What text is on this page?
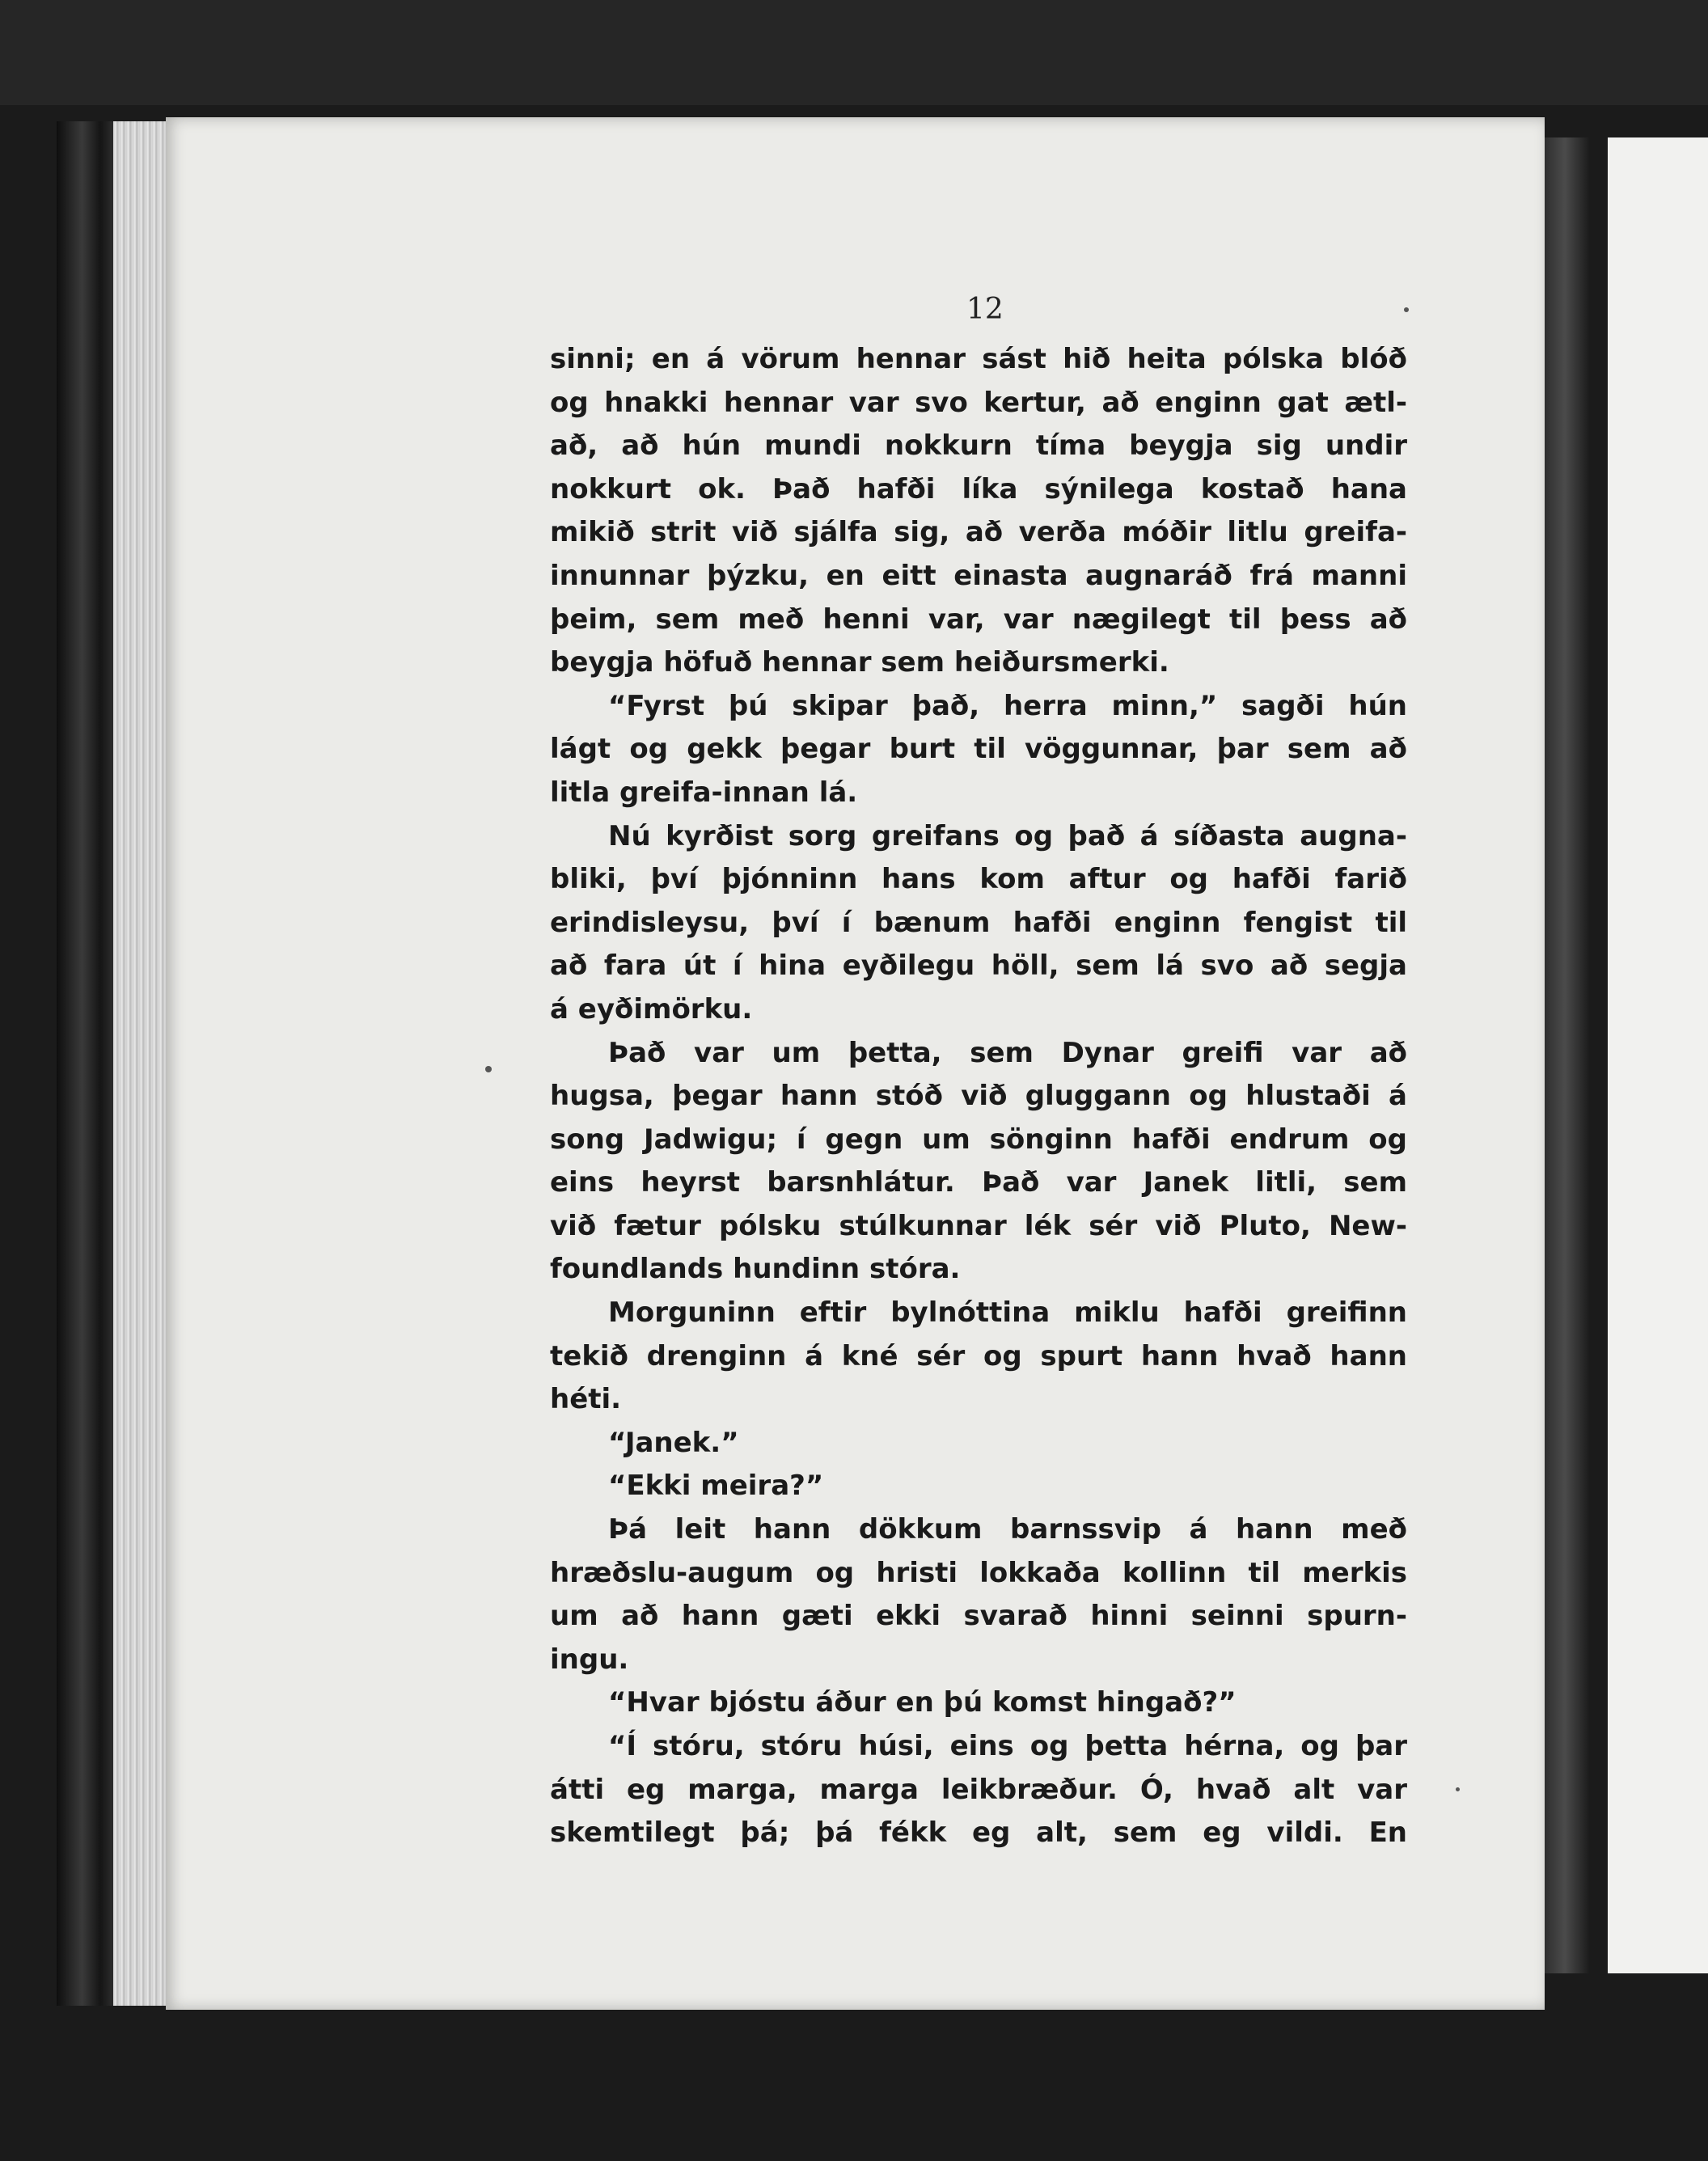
12
sinni; en á vörum hennar sást hið heita pólska blóð
og hnakki hennar var svo kertur, að enginn gat ætl-
að, að hún mundi nokkurn tíma beygja sig undir
nokkurt ok. Það hafði líka sýnilega kostað hana
mikið strit við sjálfa sig, að verða móðir litlu greifa-
innunnar þýzku, en eitt einasta augnaráð frá manni
þeim, sem með henni var, var nægilegt til þess að
beygja höfuð hennar sem heiðursmerki.
“Fyrst þú skipar það, herra minn,” sagði hún
lágt og gekk þegar burt til vöggunnar, þar sem að
litla greifa-innan lá.
Nú kyrðist sorg greifans og það á síðasta augna-
bliki, því þjónninn hans kom aftur og hafði farið
erindisleysu, því í bænum hafði enginn fengist til
að fara út í hina eyðilegu höll, sem lá svo að segja
á eyðimörku.
Það var um þetta, sem Dynar greifi var að
hugsa, þegar hann stóð við gluggann og hlustaði á
song Jadwigu; í gegn um sönginn hafði endrum og
eins heyrst barsnhlátur. Það var Janek litli, sem
við fætur pólsku stúlkunnar lék sér við Pluto, New-
foundlands hundinn stóra.
Morguninn eftir bylnóttina miklu hafði greifinn
tekið drenginn á kné sér og spurt hann hvað hann
héti.
“Janek.”
“Ekki meira?”
Þá leit hann dökkum barnssvip á hann með
hræðslu-augum og hristi lokkaða kollinn til merkis
um að hann gæti ekki svarað hinni seinni spurn-
ingu.
“Hvar bjóstu áður en þú komst hingað?”
“Í stóru, stóru húsi, eins og þetta hérna, og þar
átti eg marga, marga leikbræður. Ó, hvað alt var
skemtilegt þá; þá fékk eg alt, sem eg vildi. En
